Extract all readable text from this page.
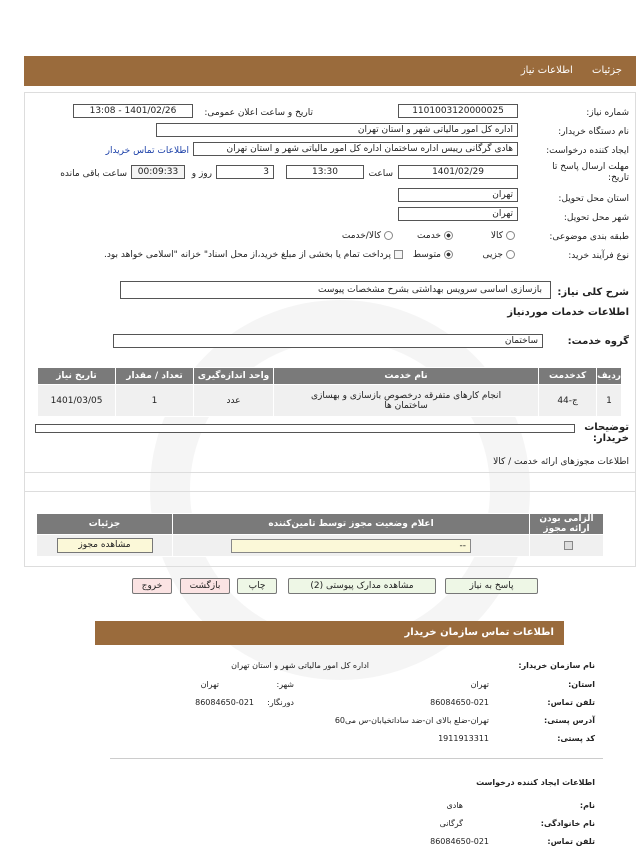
جزئیات اطلاعات نیاز
شماره نیاز:
1101003120000025
تاریخ و ساعت اعلان عمومی:
1401/02/26 - 13:08
نام دستگاه خریدار:
اداره کل امور مالیاتی شهر و استان تهران
ایجاد کننده درخواست:
هادی گرگانی رییس اداره ساختمان اداره کل امور مالیاتی شهر و استان تهران
اطلاعات تماس خریدار
مهلت ارسال پاسخ تا تاریخ:
1401/02/29
ساعت
13:30
3
روز و
00:09:33
ساعت باقی مانده
استان محل تحویل:
تهران
شهر محل تحویل:
تهران
طبقه بندی موضوعی:
کالا
خدمت
کالا/خدمت
نوع فرآیند خرید:
جزیی
متوسط
پرداخت تمام یا بخشی از مبلغ خرید،از محل اسناد" خزانه "اسلامی خواهد بود.
شرح کلی نیاز:
بازسازی اساسی سرویس بهداشتی بشرح مشخصات پیوست
اطلاعات خدمات موردنیاز
گروه خدمت:
ساختمان
ردیف	کدخدمت	نام خدمت	واحد اندازه‌گیری	تعداد / مقدار	تاریخ نیاز
1	ج-44	انجام کارهای متفرقه درخصوص بازسازی و بهسازی ساختمان ها	عدد	1	1401/03/05
توضیحات خریدار:
اطلاعات مجوزهای ارائه خدمت / کالا
الزامی بودن ارائه مجوز	اعلام وضعیت مجوز توسط تامین‌کننده	جزئیات

	--	مشاهده مجوز
پاسخ به نیاز
مشاهده مدارک پیوستی (2)
چاپ
بازگشت
خروج
اطلاعات تماس سازمان خریدار
نام سازمان خریدار:
اداره کل امور مالیاتی شهر و استان تهران
استان:
تهران
شهر:
تهران
تلفن تماس:
86084650-021
دورنگار:
86084650-021
آدرس پستی:
تهران-ضلع بالای ان-ضد ساداتخیابان-س می60
کد پستی:
1911913311
اطلاعات ایجاد کننده درخواست
نام:
هادی
نام خانوادگی:
گرگانی
تلفن تماس:
86084650-021
